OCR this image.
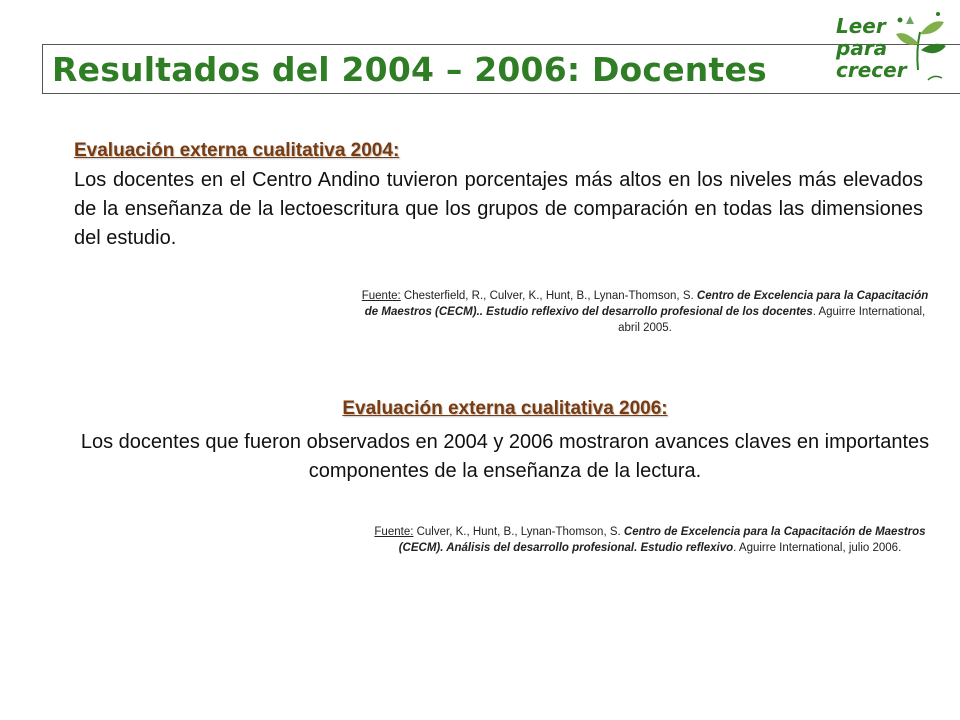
Resultados del 2004 – 2006: Docentes
Leer
para
crecer
Evaluación externa cualitativa 2004:

Los docentes en el Centro Andino tuvieron porcentajes más altos en los niveles más elevados de la enseñanza de la lectoescritura que los grupos de comparación en todas las dimensiones del estudio.

Fuente: Chesterfield, R., Culver, K., Hunt, B., Lynan-Thomson, S. Centro de Excelencia para la Capacitación de Maestros (CECM).. Estudio reflexivo del desarrollo profesional de los docentes. Aguirre International, abril 2005.
Evaluación externa cualitativa 2006:

Los docentes que fueron observados en 2004 y 2006 mostraron avances claves en importantes componentes de la enseñanza de la lectura.

Fuente: Culver, K., Hunt, B., Lynan-Thomson, S. Centro de Excelencia para la Capacitación de Maestros (CECM). Análisis del desarrollo profesional. Estudio reflexivo. Aguirre International, julio 2006.
